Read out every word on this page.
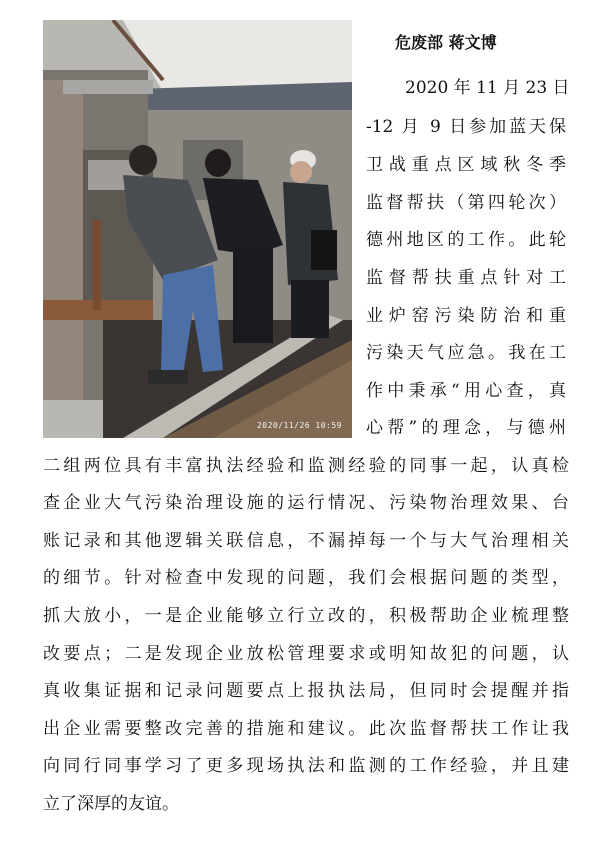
2020/11/26 10:59
危废部 蒋文博
2020 年 11 月 23 日
-12 月 9 日参加蓝天保
卫战重点区域秋冬季
监督帮扶（第四轮次）
德州地区的工作。此轮
监督帮扶重点针对工
业炉窑污染防治和重
污染天气应急。我在工
作中秉承“用心查，真
心帮”的理念，与德州
二组两位具有丰富执法经验和监测经验的同事一起，认真检
查企业大气污染治理设施的运行情况、污染物治理效果、台
账记录和其他逻辑关联信息，不漏掉每一个与大气治理相关
的细节。针对检查中发现的问题，我们会根据问题的类型，
抓大放小，一是企业能够立行立改的，积极帮助企业梳理整
改要点；二是发现企业放松管理要求或明知故犯的问题，认
真收集证据和记录问题要点上报执法局，但同时会提醒并指
出企业需要整改完善的措施和建议。此次监督帮扶工作让我
向同行同事学习了更多现场执法和监测的工作经验，并且建
立了深厚的友谊。
